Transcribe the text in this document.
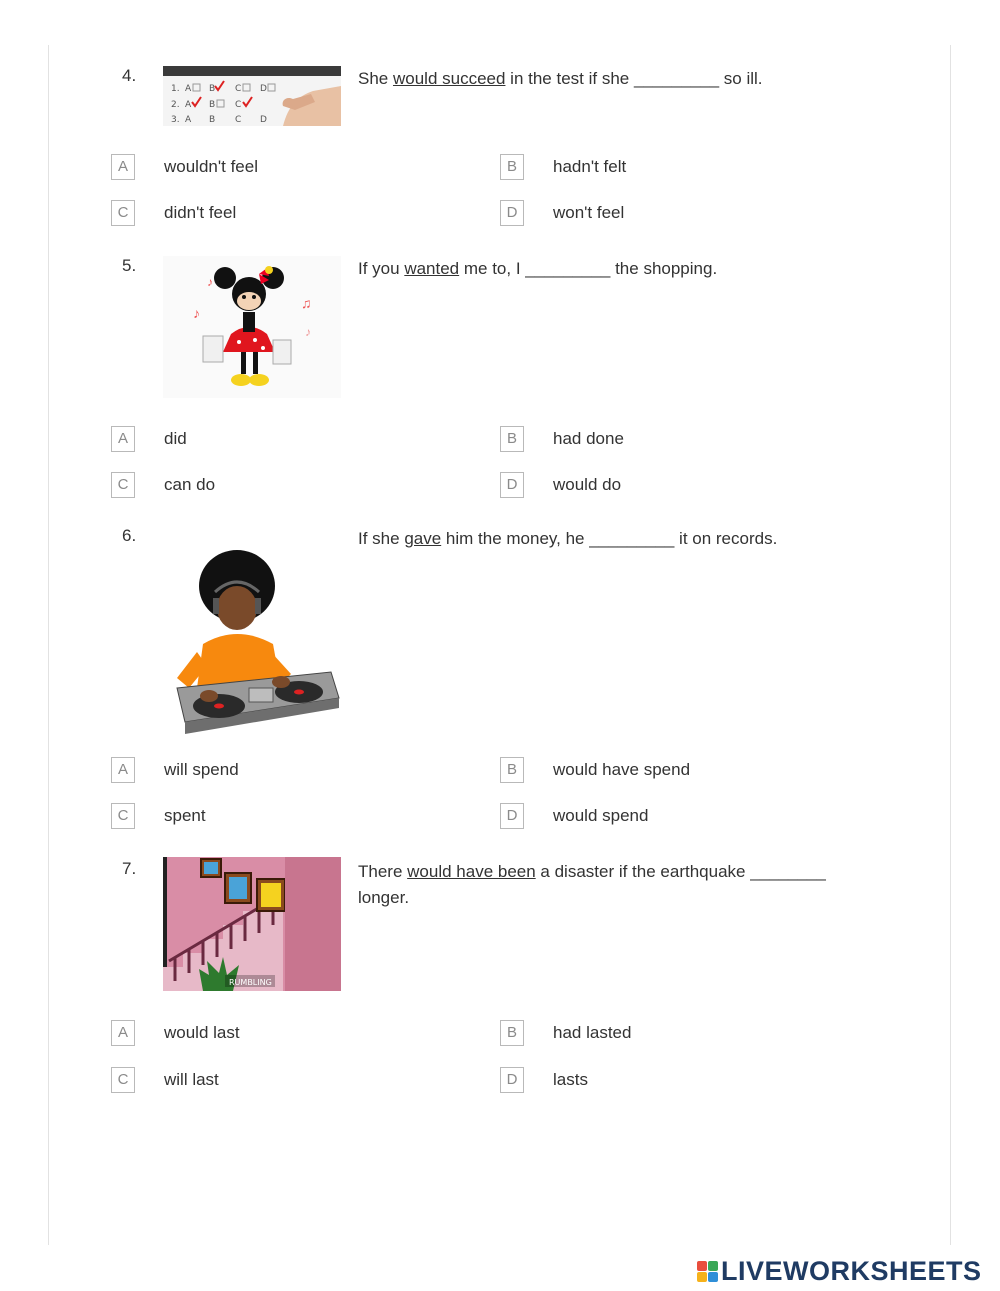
4.
1. A B C D
2. A B C
3. A B C D
She would succeed in the test if she _________ so ill.
A	wouldn't feel	B	hadn't felt
C	didn't feel	D	won't feel
5.
♪
♫
♪
♪
If you wanted me to, I _________ the shopping.
A	did	B	had done
C	can do	D	would do
6.	If she gave him the money, he _________ it on records.
A	will spend	B	would have spend
C	spent	D	would spend
7.
RUMBLING
There would have been a disaster if the earthquake ________ longer.
A	would last	B	had lasted
C	will last	D	lasts
LIVEWORKSHEETS
